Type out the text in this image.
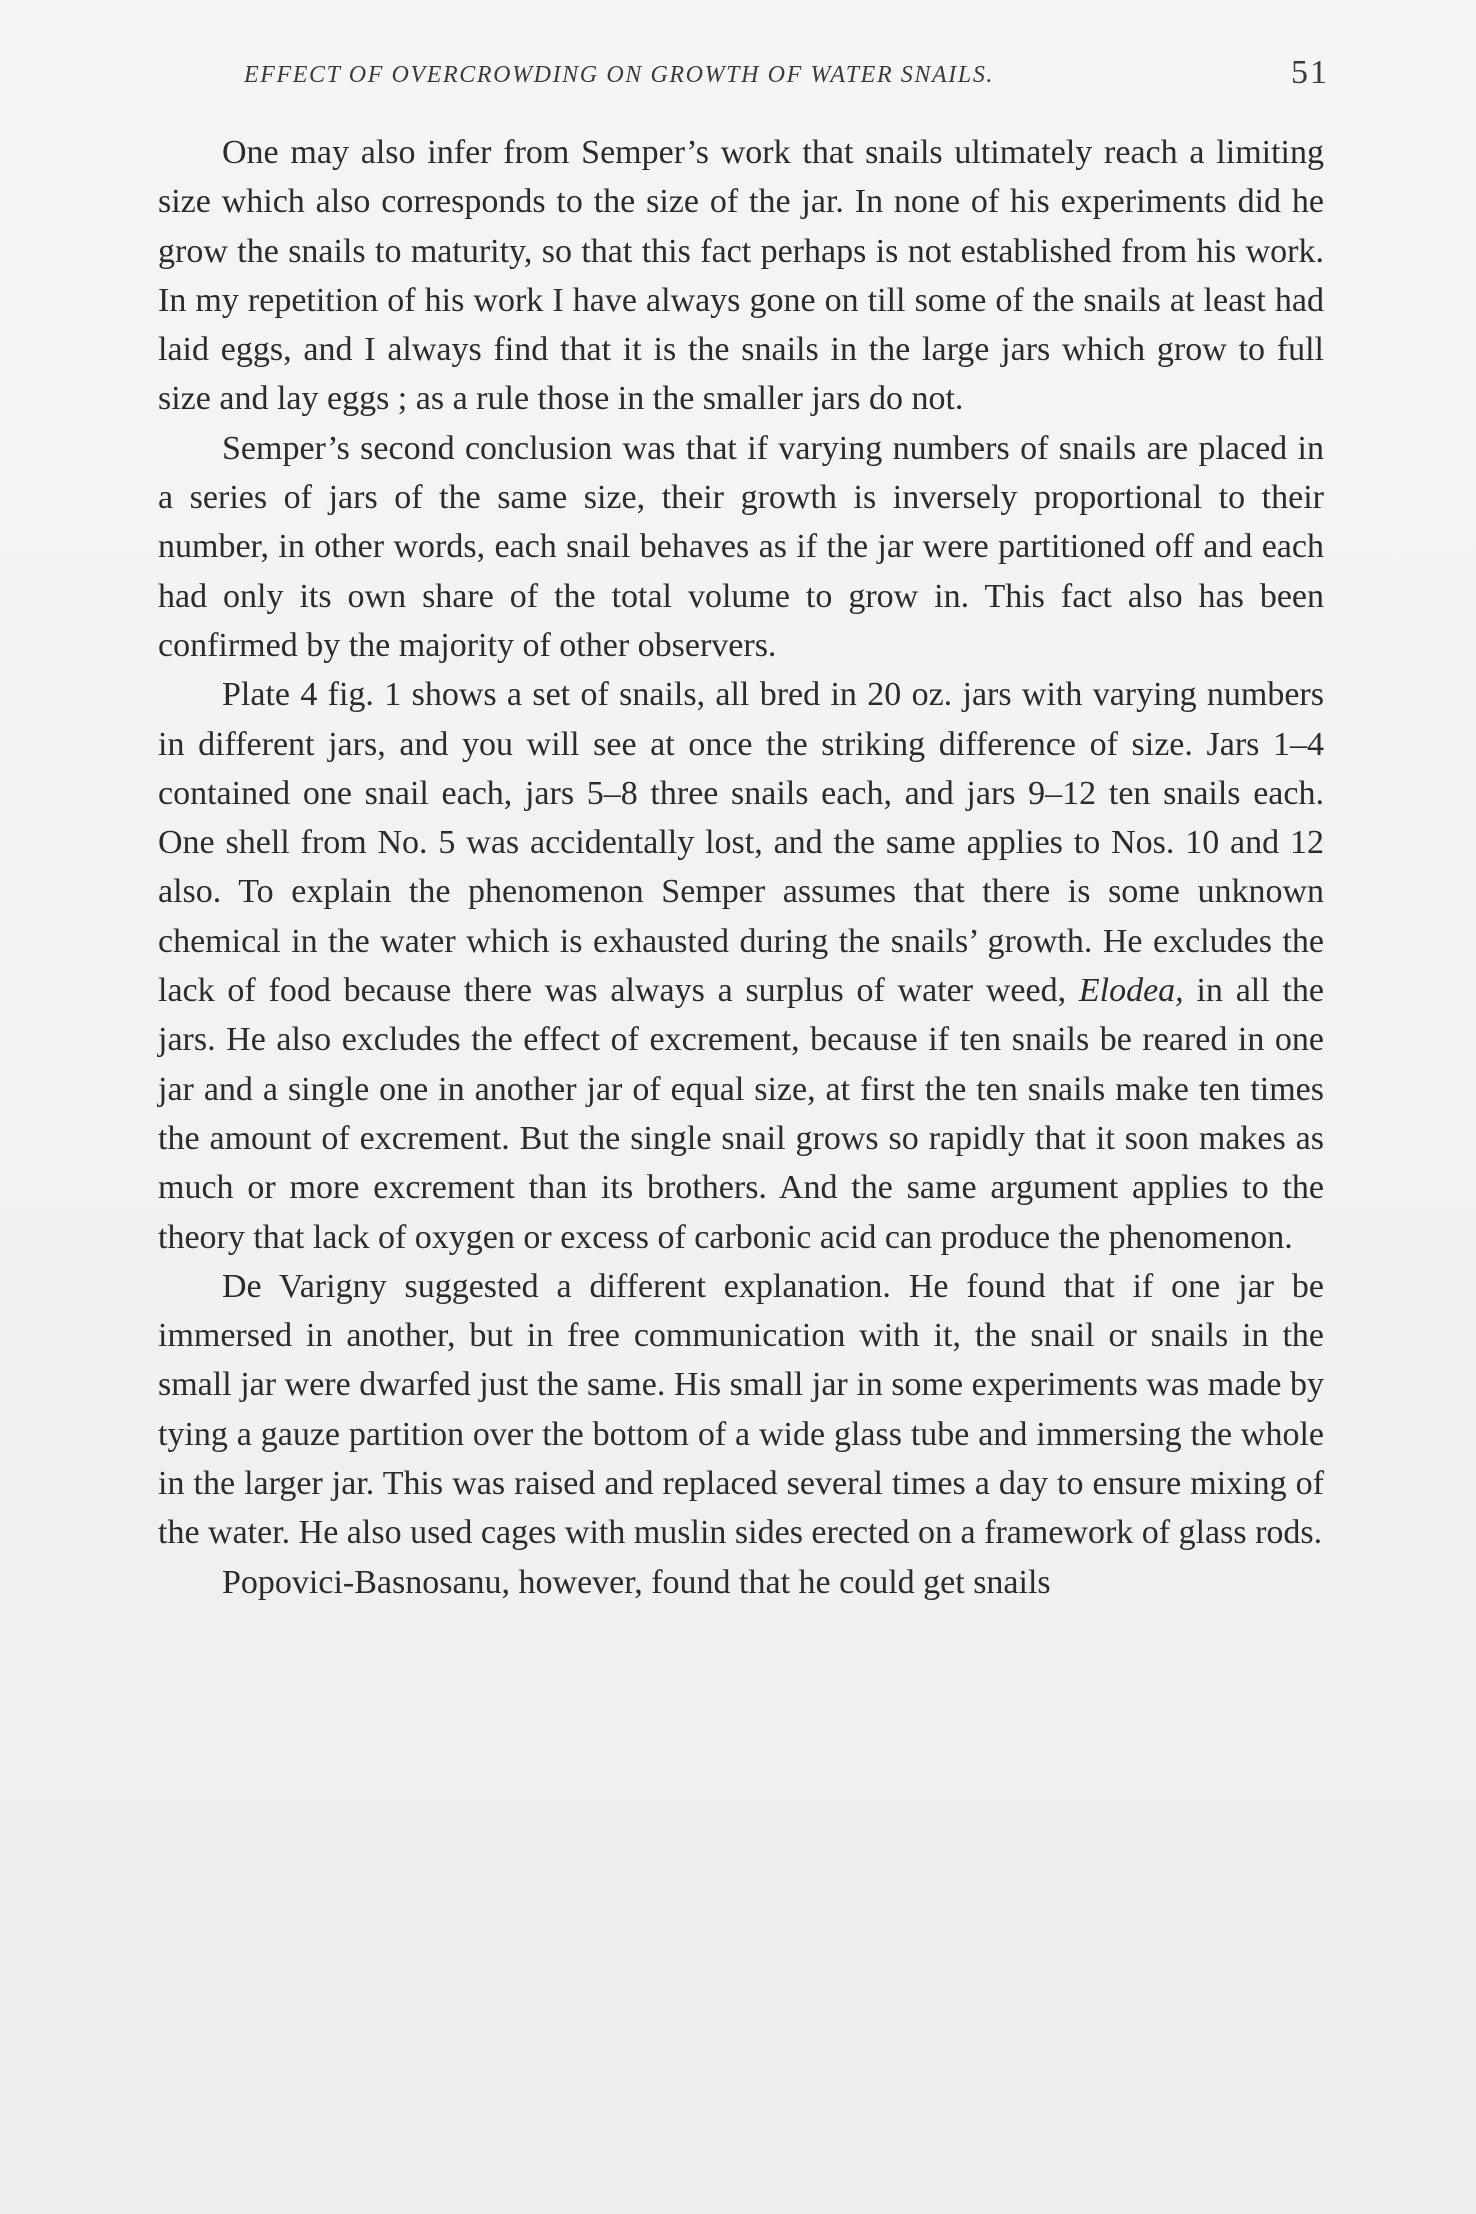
EFFECT OF OVERCROWDING ON GROWTH OF WATER SNAILS.	51

One may also infer from Semper’s work that snails ultimately reach a limiting size which also corresponds to the size of the jar. In none of his experiments did he grow the snails to maturity, so that this fact perhaps is not established from his work. In my repetition of his work I have always gone on till some of the snails at least had laid eggs, and I always find that it is the snails in the large jars which grow to full size and lay eggs ; as a rule those in the smaller jars do not.

Semper’s second conclusion was that if varying numbers of snails are placed in a series of jars of the same size, their growth is inversely proportional to their number, in other words, each snail behaves as if the jar were partitioned off and each had only its own share of the total volume to grow in. This fact also has been confirmed by the majority of other observers.

Plate 4 fig. 1 shows a set of snails, all bred in 20 oz. jars with varying numbers in different jars, and you will see at once the striking difference of size. Jars 1–4 contained one snail each, jars 5–8 three snails each, and jars 9–12 ten snails each. One shell from No. 5 was accidentally lost, and the same applies to Nos. 10 and 12 also. To explain the phenomenon Semper assumes that there is some unknown chemical in the water which is exhausted during the snails’ growth. He excludes the lack of food because there was always a surplus of water weed, Elodea, in all the jars. He also excludes the effect of excrement, because if ten snails be reared in one jar and a single one in another jar of equal size, at first the ten snails make ten times the amount of excrement. But the single snail grows so rapidly that it soon makes as much or more excrement than its brothers. And the same argument applies to the theory that lack of oxygen or excess of carbonic acid can produce the phenomenon.

De Varigny suggested a different explanation. He found that if one jar be immersed in another, but in free communication with it, the snail or snails in the small jar were dwarfed just the same. His small jar in some experiments was made by tying a gauze partition over the bottom of a wide glass tube and immersing the whole in the larger jar. This was raised and replaced several times a day to ensure mixing of the water. He also used cages with muslin sides erected on a framework of glass rods.

Popovici-Basnosanu, however, found that he could get snails
